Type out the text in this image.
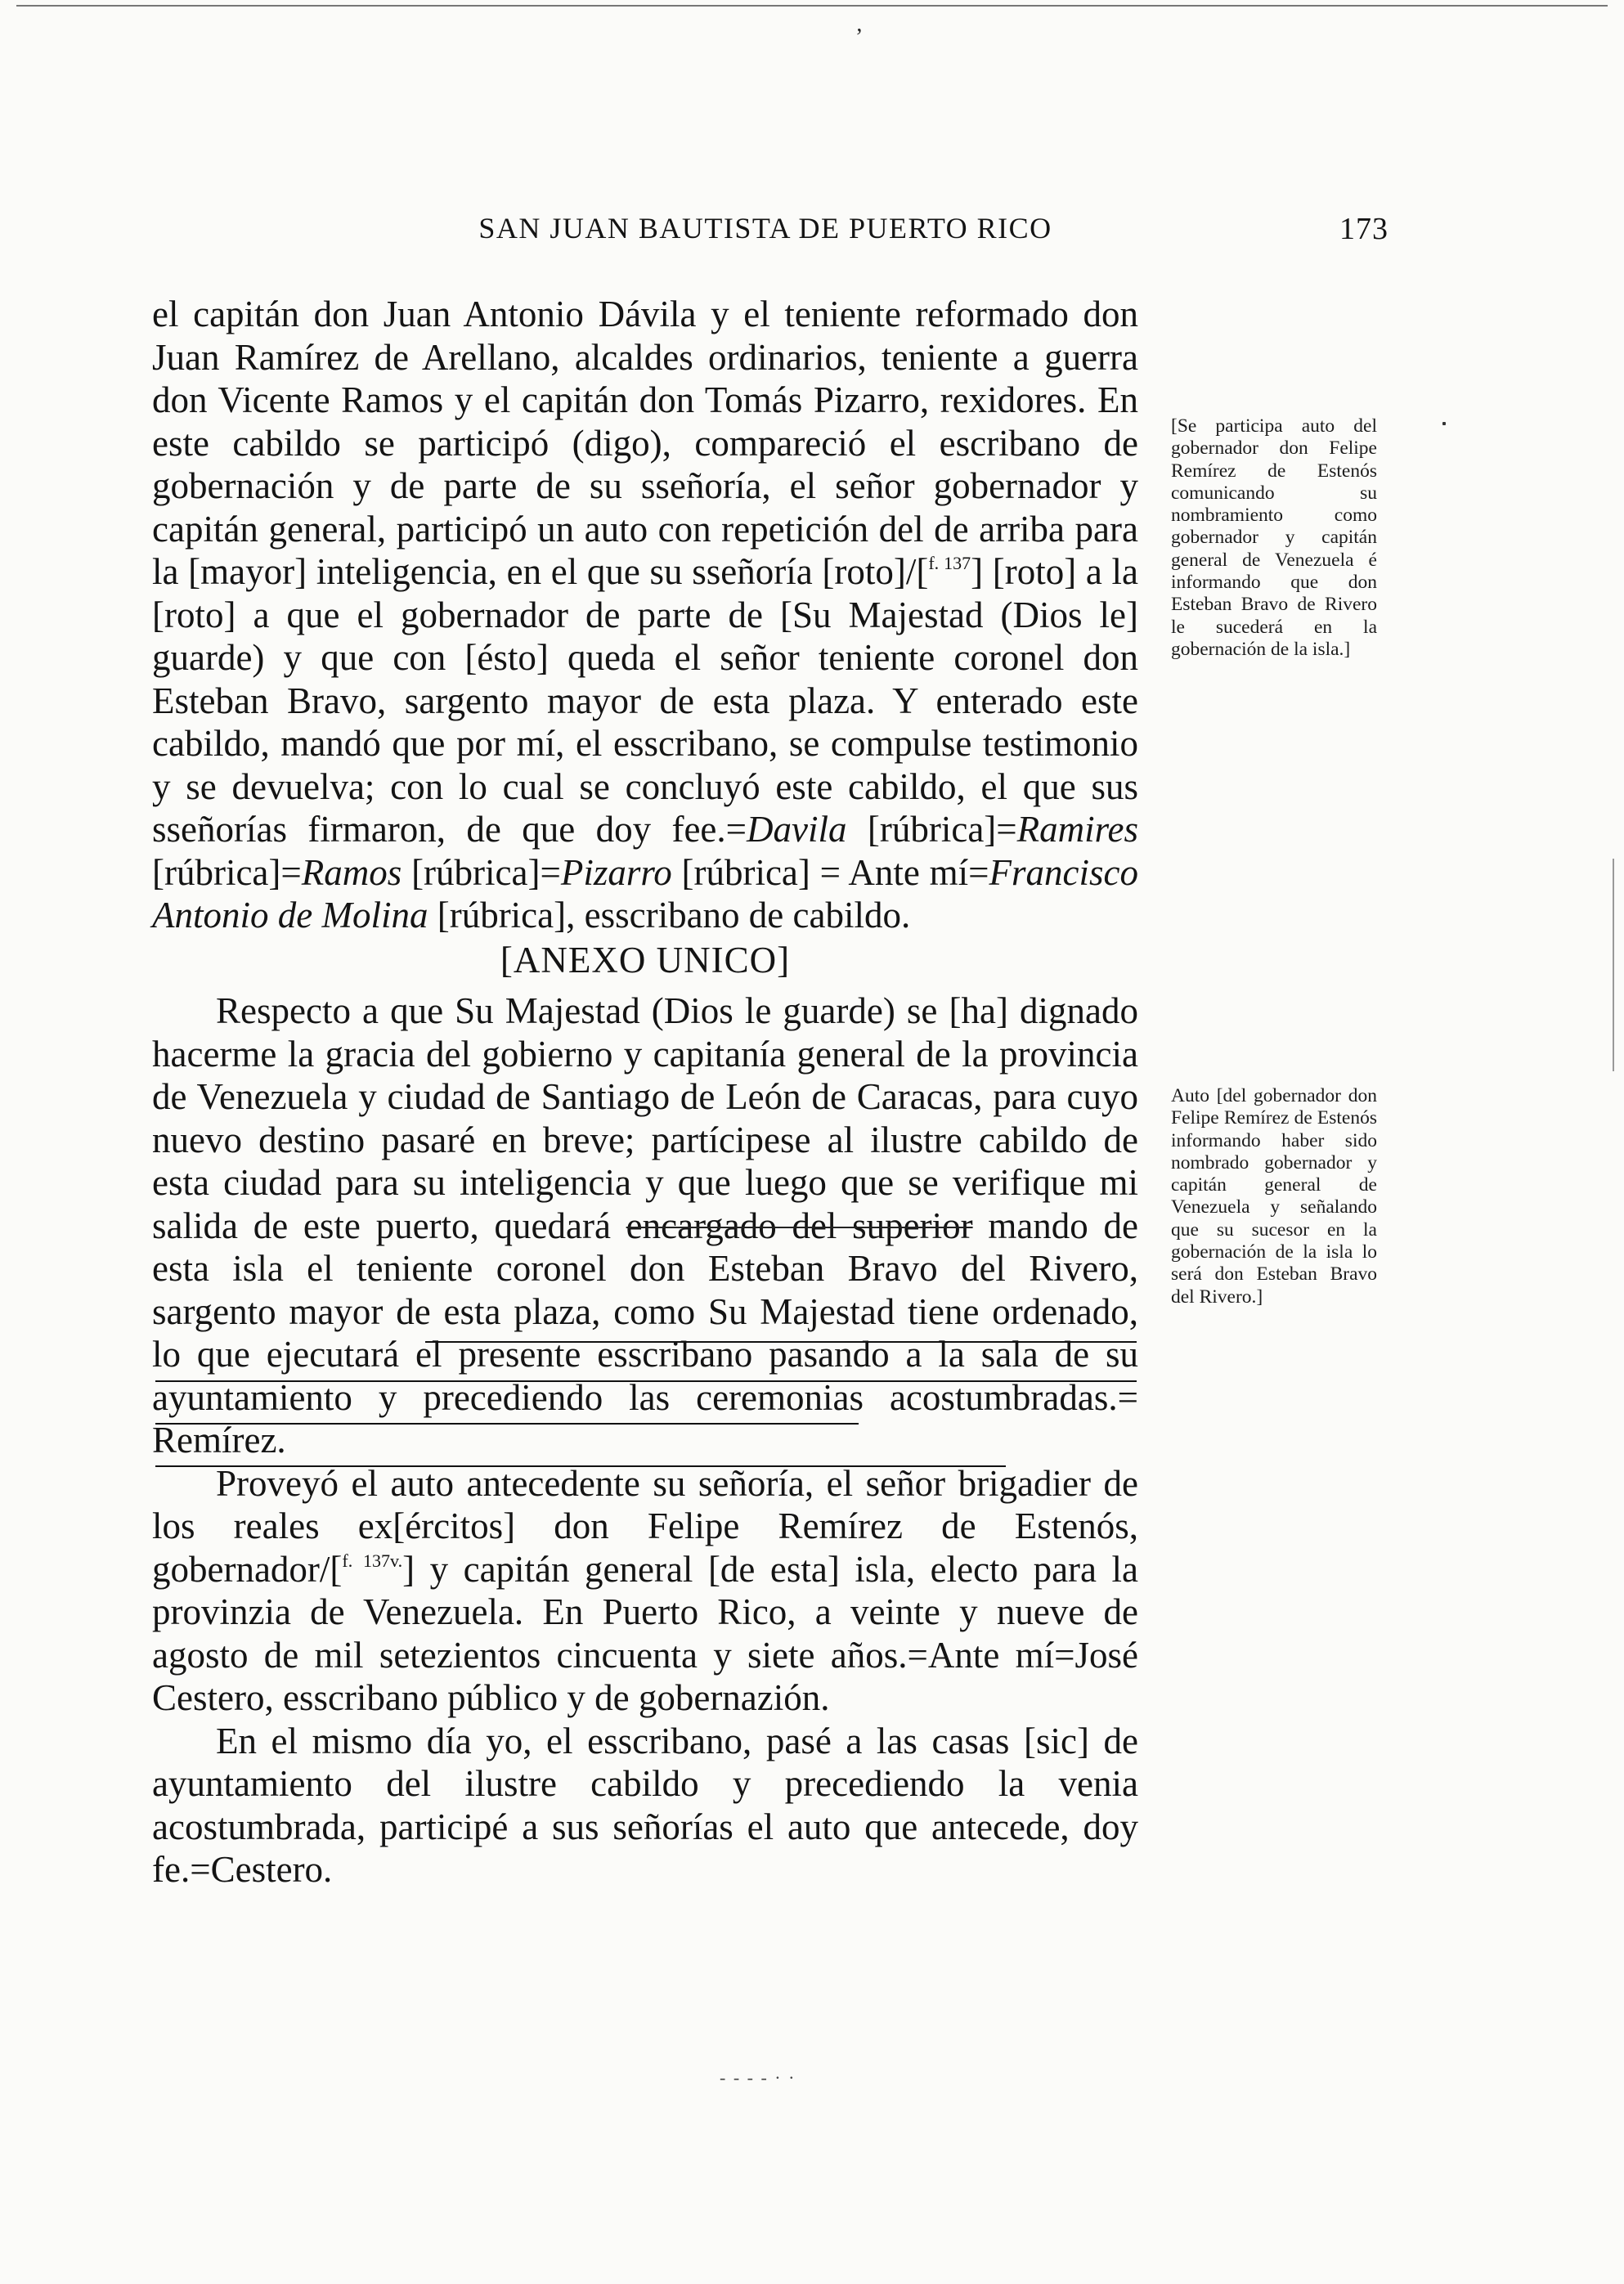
ʼ
SAN JUAN BAUTISTA DE PUERTO RICO	173

el capitán don Juan Antonio Dávila y el teniente reformado don Juan Ramírez de Arellano, alcaldes ordinarios, teniente a guerra don Vicente Ramos y el capitán don Tomás Pizarro, rexidores. En este cabildo se participó (digo), compareció el escribano de gobernación y de parte de su sseñoría, el señor gobernador y capitán general, participó un auto con repetición del de arriba para la [mayor] inteligencia, en el que su sseñoría [roto]/[$^{f. 137}$] [roto] a la [roto] a que el gobernador de parte de [Su Majestad (Dios le] guarde) y que con [ésto] queda el señor teniente coronel don Esteban Bravo, sargento mayor de esta plaza. Y enterado este cabildo, mandó que por mí, el esscribano, se compulse testimonio y se devuelva; con lo cual se concluyó este cabildo, el que sus sseñorías firmaron, de que doy fee.=Davila [rúbrica]=Ramires [rúbrica]=Ramos [rúbrica]=Pizarro [rúbrica] = Ante mí=Francisco Antonio de Molina [rúbrica], esscribano de cabildo.

[ANEXO UNICO]

Respecto a que Su Majestad (Dios le guarde) se [ha] dignado hacerme la gracia del gobierno y capitanía general de la provincia de Venezuela y ciudad de Santiago de León de Caracas, para cuyo nuevo destino pasaré en breve; partícipese al ilustre cabildo de esta ciudad para su inteligencia y que luego que se verifique mi salida de este puerto, quedará encargado del superior mando de esta isla el teniente coronel don Esteban Bravo del Rivero, sargento mayor de esta plaza, como Su Majestad tiene ordenado, lo que ejecutará el presente esscribano pasando a la sala de su ayuntamiento y precediendo las ceremonias acostumbradas.= Remírez.

Proveyó el auto antecedente su señoría, el señor brigadier de los reales ex[ércitos] don Felipe Remírez de Estenós, gobernador/[$^{f. 137v.}$] y capitán general [de esta] isla, electo para la provinzia de Venezuela. En Puerto Rico, a veinte y nueve de agosto de mil setezientos cincuenta y siete años.=Ante mí=José Cestero, esscribano público y de gobernazión.

En el mismo día yo, el esscribano, pasé a las casas [sic] de ayuntamiento del ilustre cabildo y precediendo la venia acostumbrada, participé a sus señorías el auto que antecede, doy fe.=Cestero.

[Se participa auto del gobernador don Felipe Remírez de Estenós comunicando su nombramiento como gobernador y capitán general de Venezuela é informando que don Esteban Bravo de Rivero le sucederá en la gobernación de la isla.]
Auto [del gobernador don Felipe Remírez de Estenós informando haber sido nombrado gobernador y capitán general de Venezuela y señalando que su sucesor en la gobernación de la isla lo será don Esteban Bravo del Rivero.]
- - - - · ·
